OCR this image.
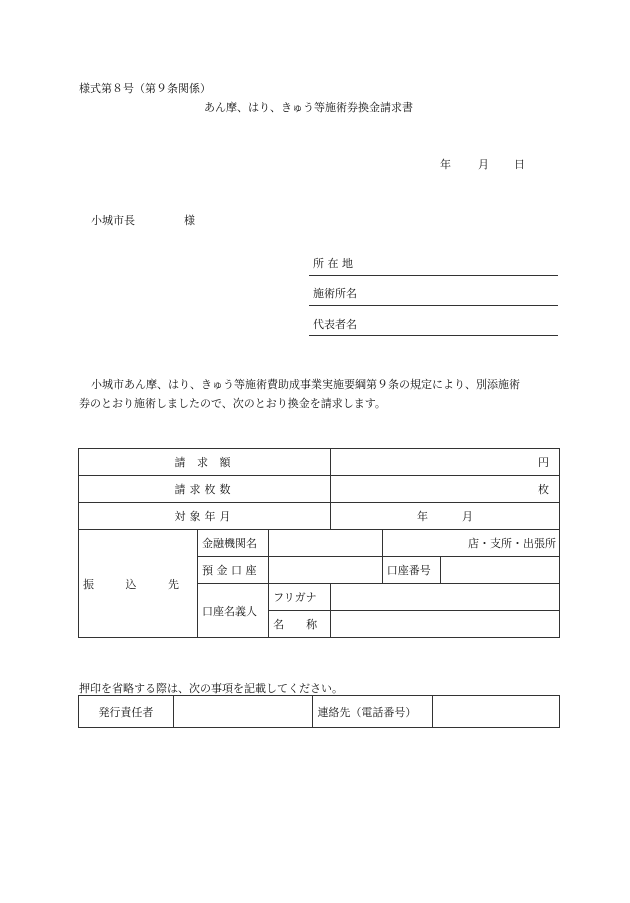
様式第８号（第９条関係）
あん摩、はり、きゅう等施術券換金請求書
年 月 日
小城市長	様
所 在 地
施術所名
代表者名
小城市あん摩、はり、きゅう等施術費助成事業実施要綱第９条の規定により、別添施術
券のとおり施術しましたので、次のとおり換金を請求します。
請 求 額			円		
請求枚数			枚		
対象年月			年 月		
振 込 先	金融機関名			店・支所・出張所	
	預 金 口 座			口座番号	
	口座名義人	フリガナ			
		名　　称			
押印を省略する際は、次の事項を記載してください。
発行責任者		連絡先（電話番号）	
